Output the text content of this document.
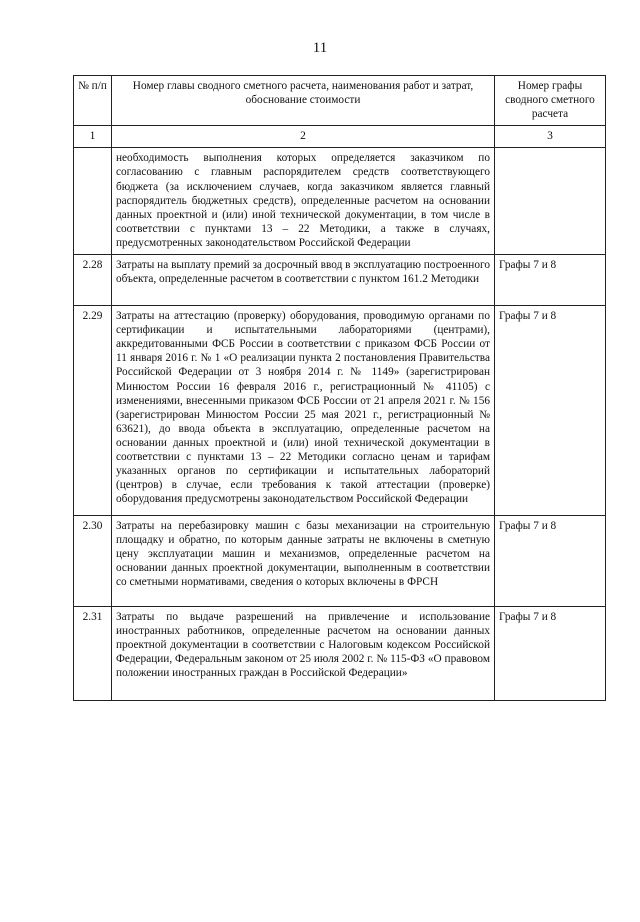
11
№ п/п	Номер главы сводного сметного расчета, наименования работ и затрат, обоснование стоимости	Номер графы сводного сметного расчета
1	2	3
	необходимость выполнения которых определяется заказчиком по согласованию с главным распорядителем средств соответствующего бюджета (за исключением случаев, когда заказчиком является главный распорядитель бюджетных средств), определенные расчетом на основании данных проектной и (или) иной технической документации, в том числе в соответствии с пунктами 13 – 22 Методики, а также в случаях, предусмотренных законодательством Российской Федерации	
2.28	Затраты на выплату премий за досрочный ввод в эксплуатацию построенного объекта, определенные расчетом в соответствии с пунктом 161.2 Методики	Графы 7 и 8
2.29	Затраты на аттестацию (проверку) оборудования, проводимую органами по сертификации и испытательными лабораториями (центрами), аккредитованными ФСБ России в соответствии с приказом ФСБ России от 11 января 2016 г. № 1 «О реализации пункта 2 постановления Правительства Российской Федерации от 3 ноября 2014 г. № 1149» (зарегистрирован Минюстом России 16 февраля 2016 г., регистрационный № 41105) с изменениями, внесенными приказом ФСБ России от 21 апреля 2021 г. № 156 (зарегистрирован Минюстом России 25 мая 2021 г., регистрационный № 63621), до ввода объекта в эксплуатацию, определенные расчетом на основании данных проектной и (или) иной технической документации в соответствии с пунктами 13 – 22 Методики согласно ценам и тарифам указанных органов по сертификации и испытательных лабораторий (центров) в случае, если требования к такой аттестации (проверке) оборудования предусмотрены законодательством Российской Федерации	Графы 7 и 8
2.30	Затраты на перебазировку машин с базы механизации на строительную площадку и обратно, по которым данные затраты не включены в сметную цену эксплуатации машин и механизмов, определенные расчетом на основании данных проектной документации, выполненным в соответствии со сметными нормативами, сведения о которых включены в ФРСН	Графы 7 и 8
2.31	Затраты по выдаче разрешений на привлечение и использование иностранных работников, определенные расчетом на основании данных проектной документации в соответствии с Налоговым кодексом Российской Федерации, Федеральным законом от 25 июля 2002 г. № 115-ФЗ «О правовом положении иностранных граждан в Российской Федерации»	Графы 7 и 8
